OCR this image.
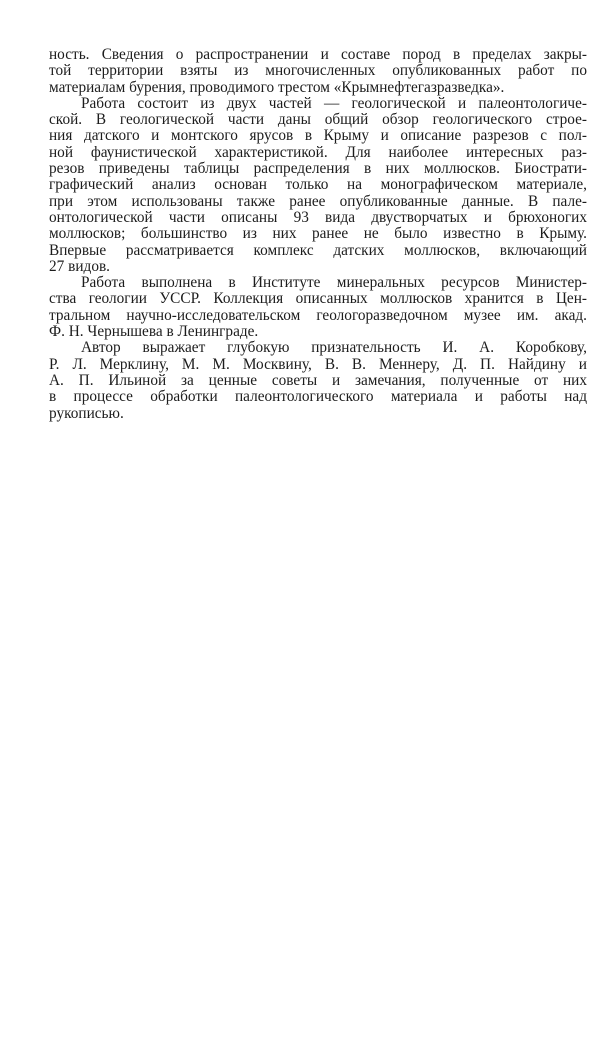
ность. Сведения о распространении и составе пород в пределах закры-
той территории взяты из многочисленных опубликованных работ по
материалам бурения, проводимого трестом «Крымнефтегазразведка».
Работа состоит из двух частей — геологической и палеонтологиче-
ской. В геологической части даны общий обзор геологического строе-
ния датского и монтского ярусов в Крыму и описание разрезов с пол-
ной фаунистической характеристикой. Для наиболее интересных раз-
резов приведены таблицы распределения в них моллюсков. Биострати-
графический анализ основан только на монографическом материале,
при этом использованы также ранее опубликованные данные. В пале-
онтологической части описаны 93 вида двустворчатых и брюхоногих
моллюсков; большинство из них ранее не было известно в Крыму.
Впервые рассматривается комплекс датских моллюсков, включающий
27 видов.
Работа выполнена в Институте минеральных ресурсов Министер-
ства геологии УССР. Коллекция описанных моллюсков хранится в Цен-
тральном научно-исследовательском геологоразведочном музее им. акад.
Ф. Н. Чернышева в Ленинграде.
Автор выражает глубокую признательность И. А. Коробкову,
Р. Л. Мерклину, М. М. Москвину, В. В. Меннеру, Д. П. Найдину и
А. П. Ильиной за ценные советы и замечания, полученные от них
в процессе обработки палеонтологического материала и работы над
рукописью.
